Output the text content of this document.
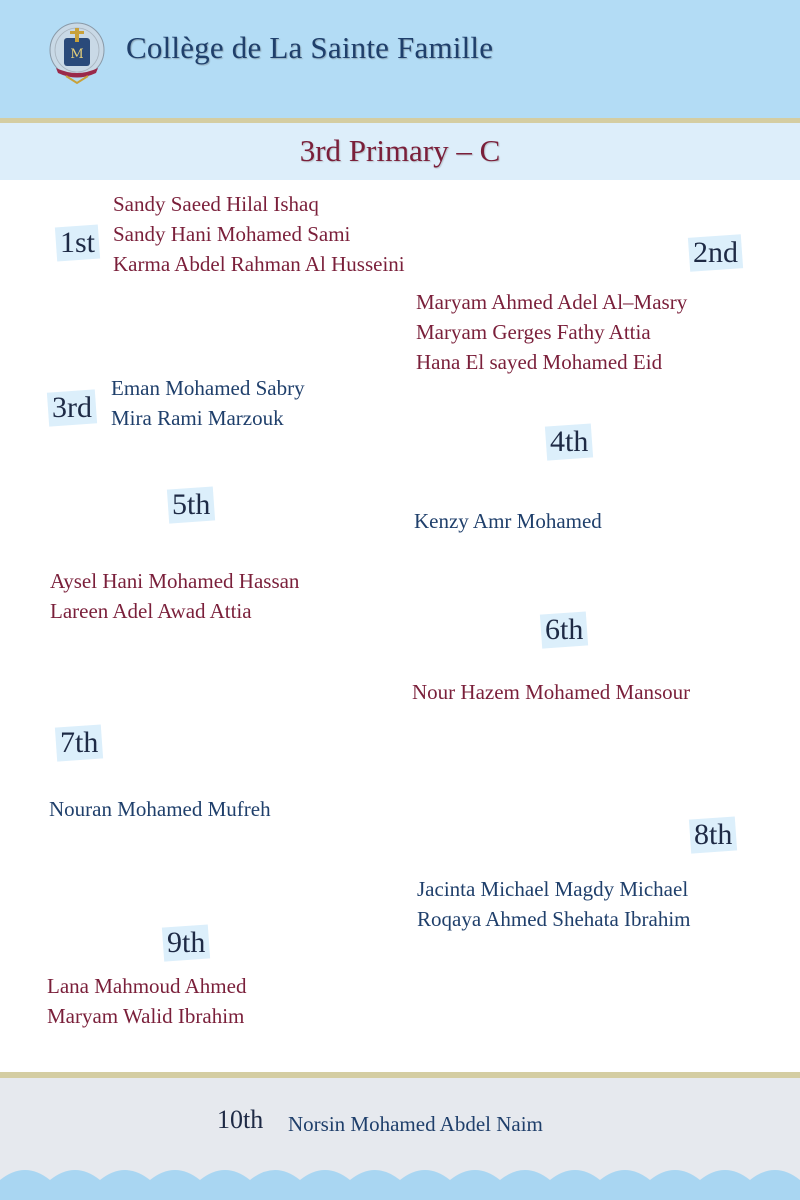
M Collège de La Sainte Famille
3rd Primary – C
1st
Sandy Saeed Hilal Ishaq
Sandy Hani Mohamed Sami
Karma Abdel Rahman Al Husseini	2nd
Maryam Ahmed Adel Al–Masry
Maryam Gerges Fathy Attia
Hana El sayed Mohamed Eid
3rd
Eman Mohamed Sabry
Mira Rami Marzouk
4th
Kenzy Amr Mohamed
5th
Aysel Hani Mohamed Hassan
Lareen Adel Awad Attia
6th
Nour Hazem Mohamed Mansour
7th
Nouran Mohamed Mufreh
8th
Jacinta Michael Magdy Michael
Roqaya Ahmed Shehata Ibrahim
9th
Lana Mahmoud Ahmed
Maryam Walid Ibrahim
10th Norsin Mohamed Abdel Naim
